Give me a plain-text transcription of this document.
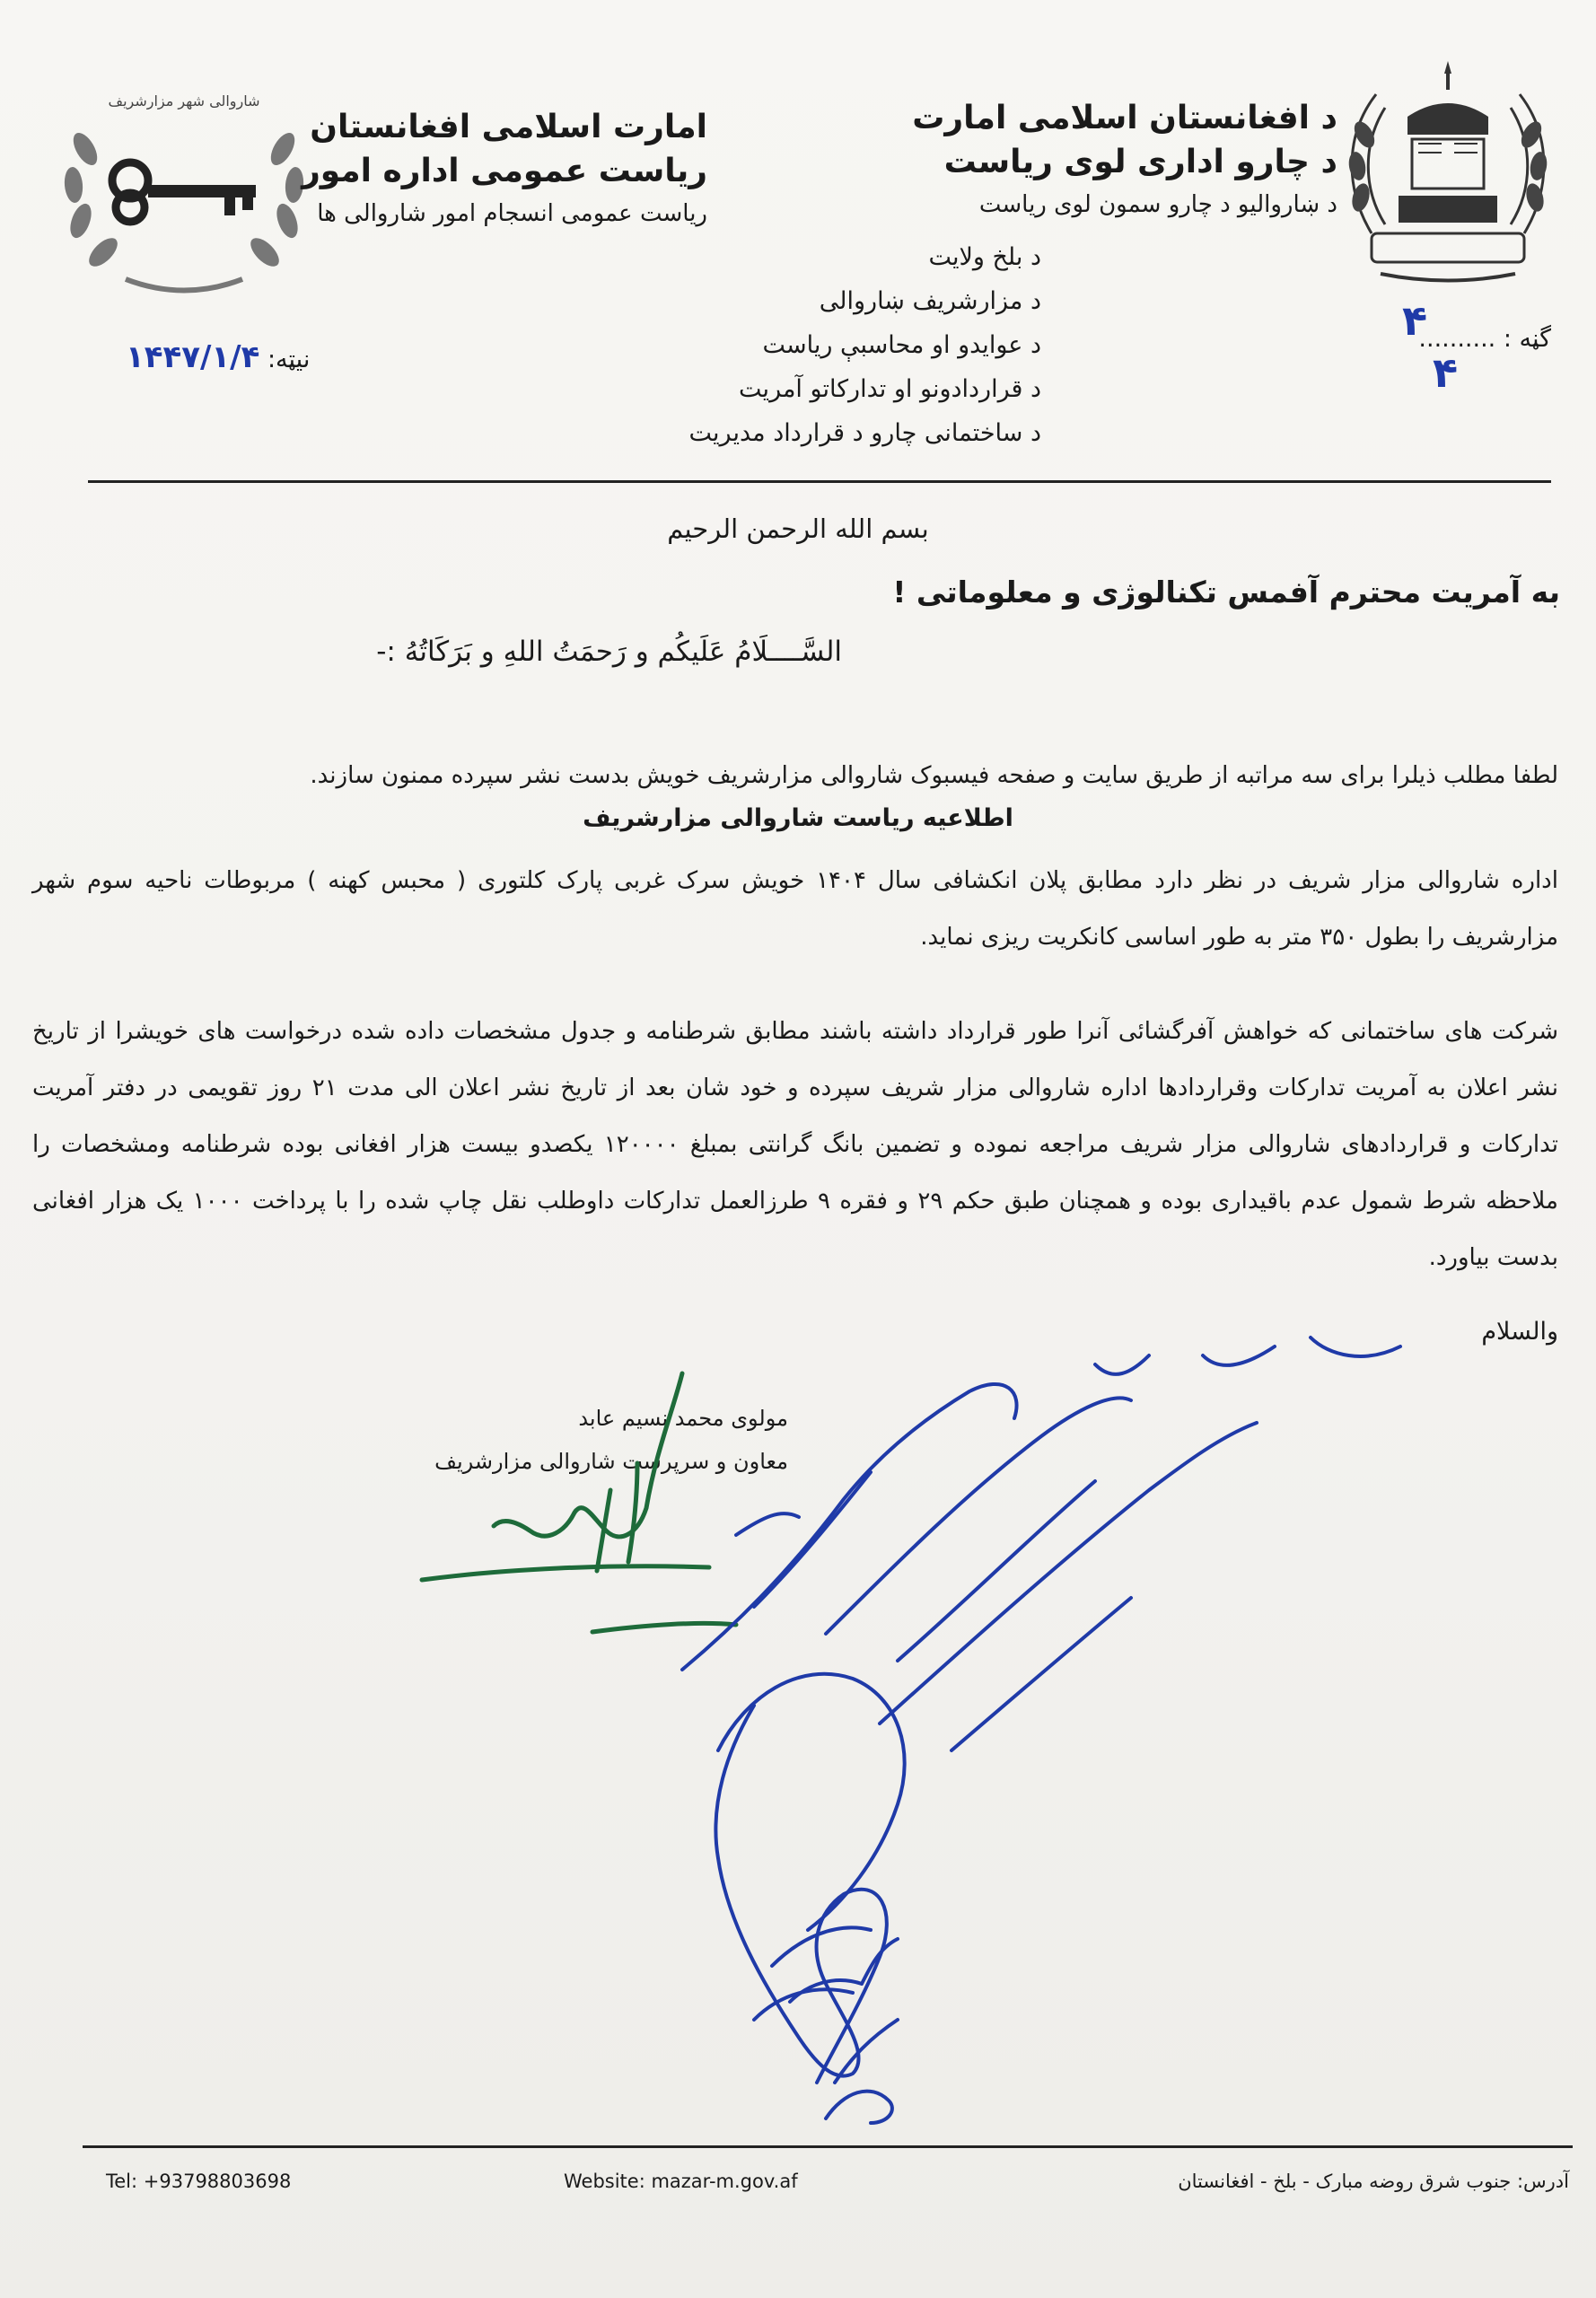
شاروالی شهر مزارشریف	د افغانستان اسلامی امارت
د چارو اداری لوی ریاست
د ښاروالیو د چارو سمون لوی ریاست
امارت اسلامی افغانستان
ریاست عمومی اداره امور
ریاست عمومی انسجام امور شاروالی ها
د بلخ ولایت
د مزارشریف ښاروالی
د عوایدو او محاسبې ریاست
د قراردادونو او تدارکاتو آمریت
د ساختمانی چارو د قرارداد مدیریت
گڼه : ..........
۴
۴
نیټه: ۱۴۴۷/۱/۴
بسم الله الرحمن الرحیم
به آمریت محترم آفمس تکنالوژی و معلوماتی !
السَّــــلَامُ عَلَیکُم و رَحمَتُ اللهِ و بَرَکَاتُهُ :-
لطفا مطلب ذیلرا برای سه مراتبه از طریق سایت و صفحه فیسبوک شاروالی مزارشریف خویش بدست نشر سپرده ممنون سازند.
اطلاعیه ریاست شاروالی مزارشریف
اداره شاروالی مزار شریف در نظر دارد مطابق پلان انکشافی سال ۱۴۰۴ خویش سرک غربی پارک کلتوری ( محبس کهنه ) مربوطات ناحیه سوم شهر مزارشریف را بطول ۳۵۰ متر به طور اساسی کانکریت ریزی نماید.
شرکت های ساختمانی که خواهش آفرگشائی آنرا طور قرارداد داشته باشند مطابق شرطنامه و جدول مشخصات داده شده درخواست های خویشرا از تاریخ نشر اعلان به آمریت تدارکات وقراردادها اداره شاروالی مزار شریف سپرده و خود شان بعد از تاریخ نشر اعلان الی مدت ۲۱ روز تقویمی در دفتر آمریت تدارکات و قراردادهای شاروالی مزار شریف مراجعه نموده و تضمین بانگ گرانتی بمبلغ ۱۲۰۰۰۰ یکصدو بیست هزار افغانی بوده شرطنامه ومشخصات را ملاحظه شرط شمول عدم باقیداری بوده و همچنان طبق حکم ۲۹ و فقره ۹ طرزالعمل تدارکات داوطلب نقل چاپ شده را با پرداخت ۱۰۰۰ یک هزار افغانی بدست بیاورد.
والسلام
مولوی محمد نسیم عابد
معاون و سرپرست شاروالی مزارشریف
Tel: +93798803698	Website: mazar-m.gov.af	آدرس: جنوب شرق روضه مبارک - بلخ - افغانستان
